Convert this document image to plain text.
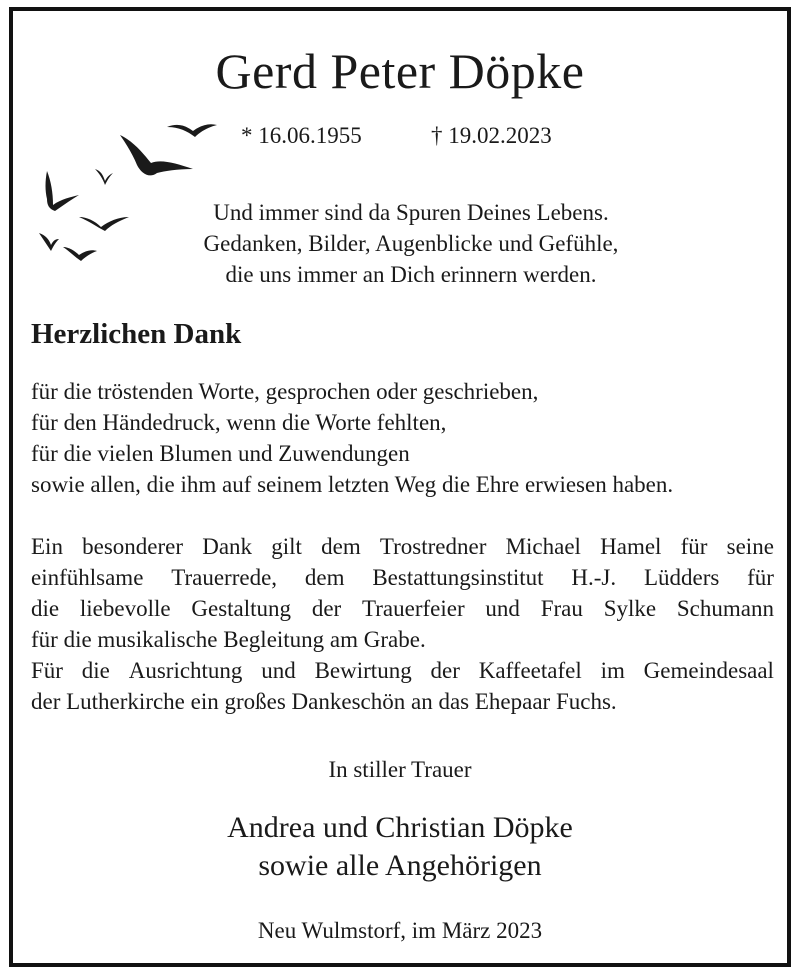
Gerd Peter Döpke
* 16.06.1955	† 19.02.2023
Und immer sind da Spuren Deines Lebens.
Gedanken, Bilder, Augenblicke und Gefühle,
die uns immer an Dich erinnern werden.
Herzlichen Dank
für die tröstenden Worte, gesprochen oder geschrieben,
für den Händedruck, wenn die Worte fehlten,
für die vielen Blumen und Zuwendungen
sowie allen, die ihm auf seinem letzten Weg die Ehre erwiesen haben.
Ein besonderer Dank gilt dem Trostredner Michael Hamel für seine
einfühlsame Trauerrede, dem Bestattungsinstitut H.-J. Lüdders für
die liebevolle Gestaltung der Trauerfeier und Frau Sylke Schumann
für die musikalische Begleitung am Grabe.
Für die Ausrichtung und Bewirtung der Kaffeetafel im Gemeindesaal
der Lutherkirche ein großes Dankeschön an das Ehepaar Fuchs.
In stiller Trauer
Andrea und Christian Döpke
sowie alle Angehörigen
Neu Wulmstorf, im März 2023
